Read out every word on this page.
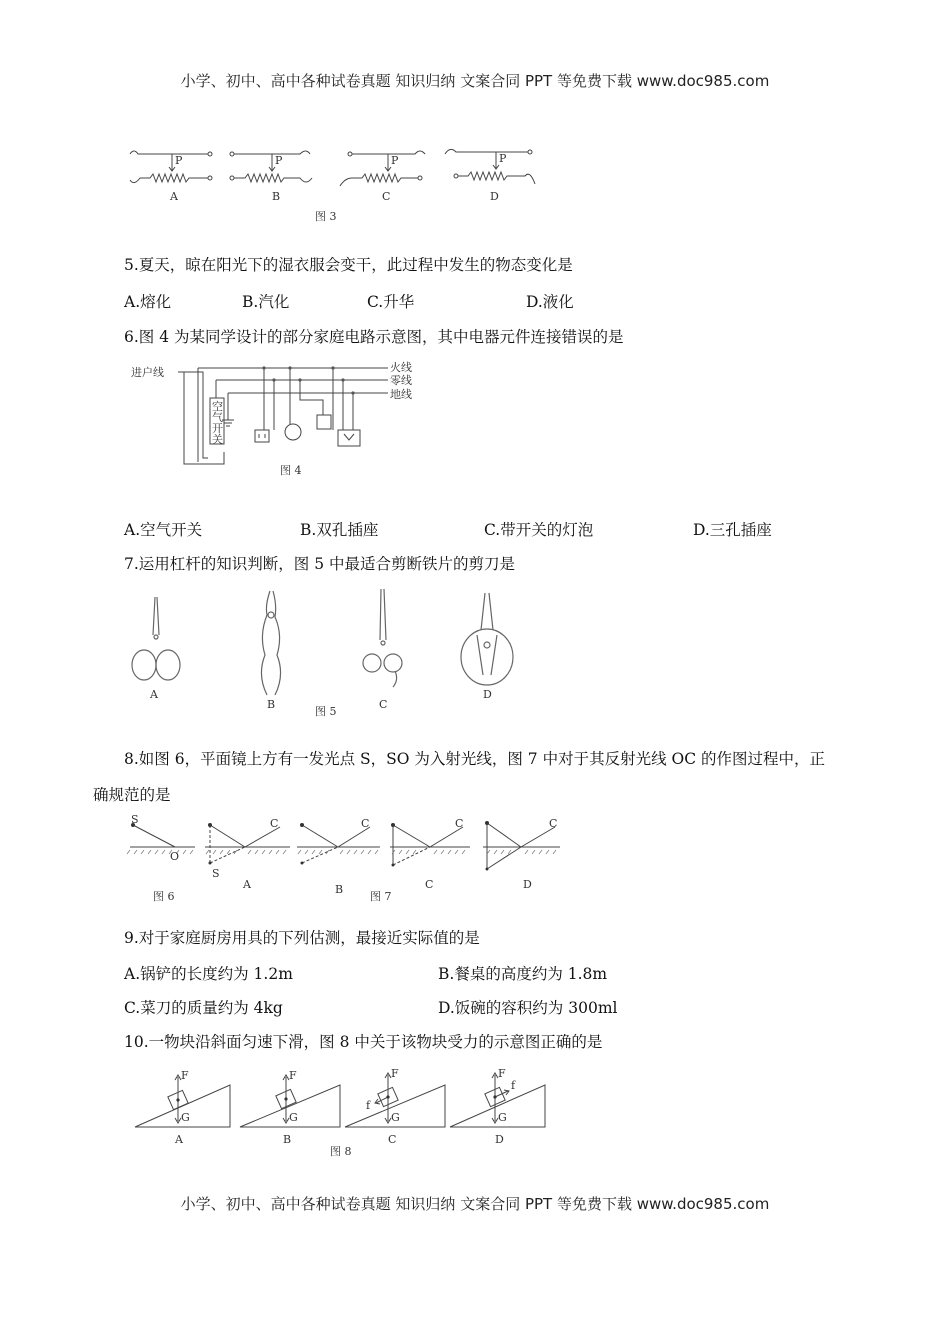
小学、初中、高中各种试卷真题 知识归纳 文案合同 PPT 等免费下载 www.doc985.com
小学、初中、高中各种试卷真题 知识归纳 文案合同 PPT 等免费下载 www.doc985.com
P
A
P
B
P
C
P
D
图 3
5.夏天，晾在阳光下的湿衣服会变干，此过程中发生的物态变化是
A.熔化	B.汽化	C.升华	D.液化
6.图 4 为某同学设计的部分家庭电路示意图，其中电器元件连接错误的是
进户线	火线
零线
地线
空
气
开
关
图 4
A.空气开关	B.双孔插座	C.带开关的灯泡	D.三孔插座
7.运用杠杆的知识判断，图 5 中最适合剪断铁片的剪刀是
A
B	C
D
图 5
8.如图 6，平面镜上方有一发光点 S，SO 为入射光线，图 7 中对于其反射光线 OC 的作图过程中，正
确规范的是
S
O
C
S
C	C	C
A	B	C	D
图 6	图 7
9.对于家庭厨房用具的下列估测，最接近实际值的是
A.锅铲的长度约为 1.2m	B.餐桌的高度约为 1.8m
C.菜刀的质量约为 4kg	D.饭碗的容积约为 300ml
10.一物块沿斜面匀速下滑，图 8 中关于该物块受力的示意图正确的是
F
G
F
G
F
G
f
F
G
f
A	B	C	D
图 8
